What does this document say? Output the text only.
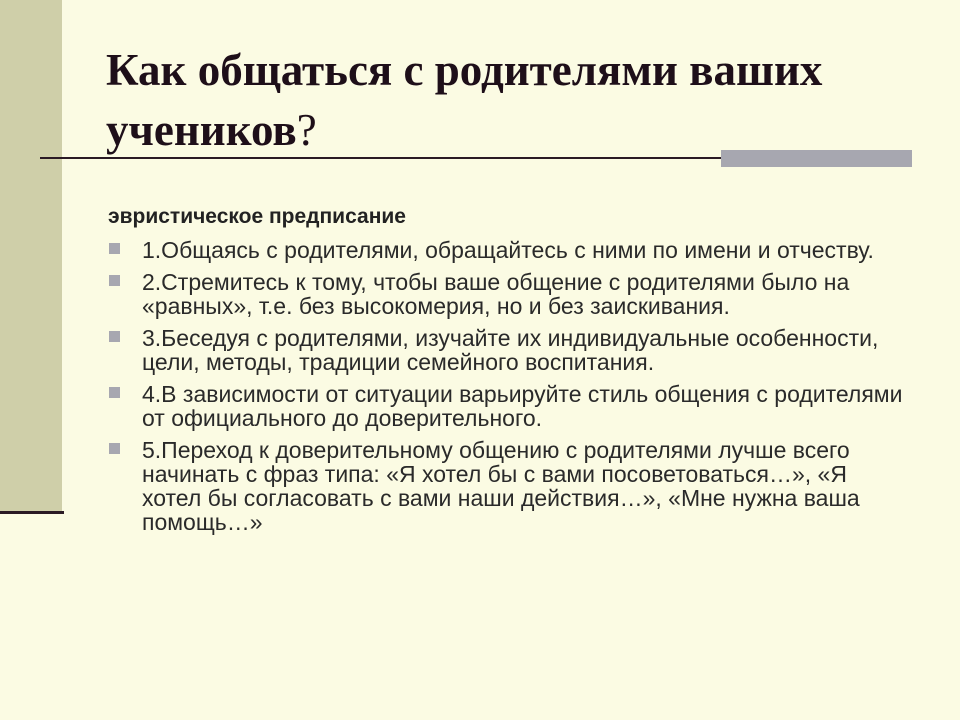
Как общаться с родителями ваших учеников?

эвристическое предписание

1.Общаясь с родителями, обращайтесь с ними по имени и отчеству.
2.Стремитесь к тому, чтобы ваше общение с родителями было на «равных», т.е. без высокомерия, но и без заискивания.
3.Беседуя с родителями, изучайте их индивидуальные особенности, цели, методы, традиции семейного воспитания.
4.В зависимости от ситуации варьируйте стиль общения с родителями от официального до доверительного.
5.Переход к доверительному общению с родителями лучше всего начинать с фраз типа: «Я хотел бы с вами посоветоваться…», «Я хотел бы согласовать с вами наши действия…», «Мне нужна ваша помощь…»
